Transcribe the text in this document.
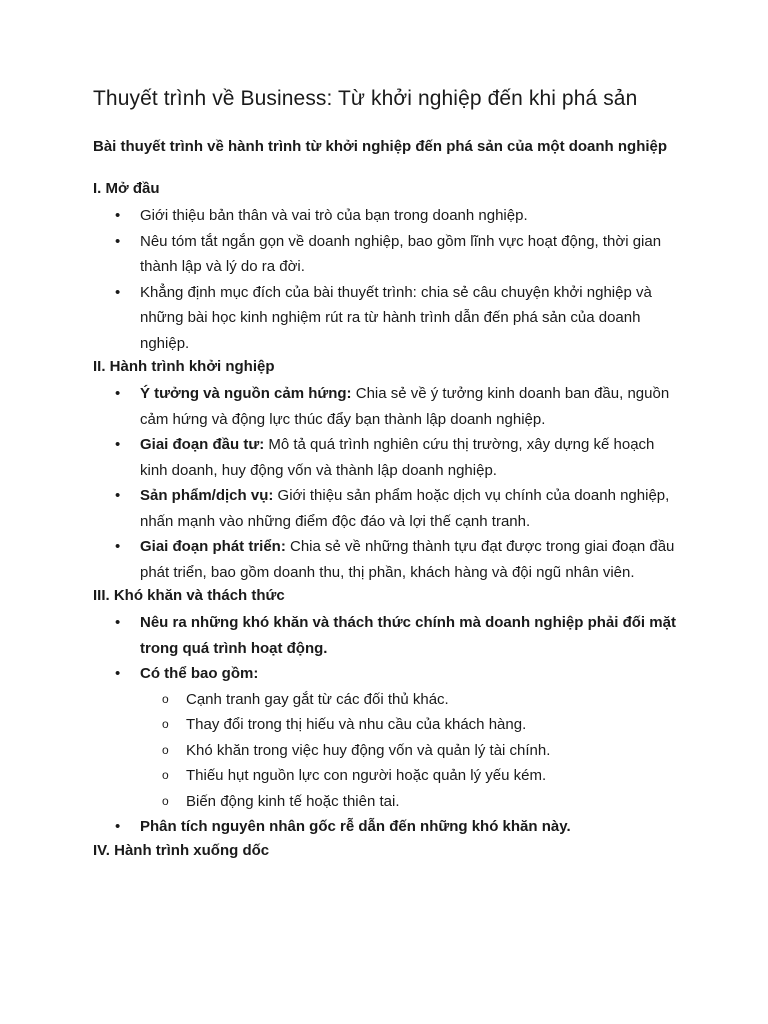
Thuyết trình về Business: Từ khởi nghiệp đến khi phá sản
Bài thuyết trình về hành trình từ khởi nghiệp đến phá sản của một doanh nghiệp
I. Mở đầu
• Giới thiệu bản thân và vai trò của bạn trong doanh nghiệp.
• Nêu tóm tắt ngắn gọn về doanh nghiệp, bao gồm lĩnh vực hoạt động, thời gian thành lập và lý do ra đời.
• Khẳng định mục đích của bài thuyết trình: chia sẻ câu chuyện khởi nghiệp và những bài học kinh nghiệm rút ra từ hành trình dẫn đến phá sản của doanh nghiệp.
II. Hành trình khởi nghiệp
• Ý tưởng và nguồn cảm hứng: Chia sẻ về ý tưởng kinh doanh ban đầu, nguồn cảm hứng và động lực thúc đẩy bạn thành lập doanh nghiệp.
• Giai đoạn đầu tư: Mô tả quá trình nghiên cứu thị trường, xây dựng kế hoạch kinh doanh, huy động vốn và thành lập doanh nghiệp.
• Sản phẩm/dịch vụ: Giới thiệu sản phẩm hoặc dịch vụ chính của doanh nghiệp, nhấn mạnh vào những điểm độc đáo và lợi thế cạnh tranh.
• Giai đoạn phát triển: Chia sẻ về những thành tựu đạt được trong giai đoạn đầu phát triển, bao gồm doanh thu, thị phần, khách hàng và đội ngũ nhân viên.
III. Khó khăn và thách thức
• Nêu ra những khó khăn và thách thức chính mà doanh nghiệp phải đối mặt trong quá trình hoạt động.
• Có thể bao gồm:
o Cạnh tranh gay gắt từ các đối thủ khác.
o Thay đổi trong thị hiếu và nhu cầu của khách hàng.
o Khó khăn trong việc huy động vốn và quản lý tài chính.
o Thiếu hụt nguồn lực con người hoặc quản lý yếu kém.
o Biến động kinh tế hoặc thiên tai.
• Phân tích nguyên nhân gốc rễ dẫn đến những khó khăn này.
IV. Hành trình xuống dốc
